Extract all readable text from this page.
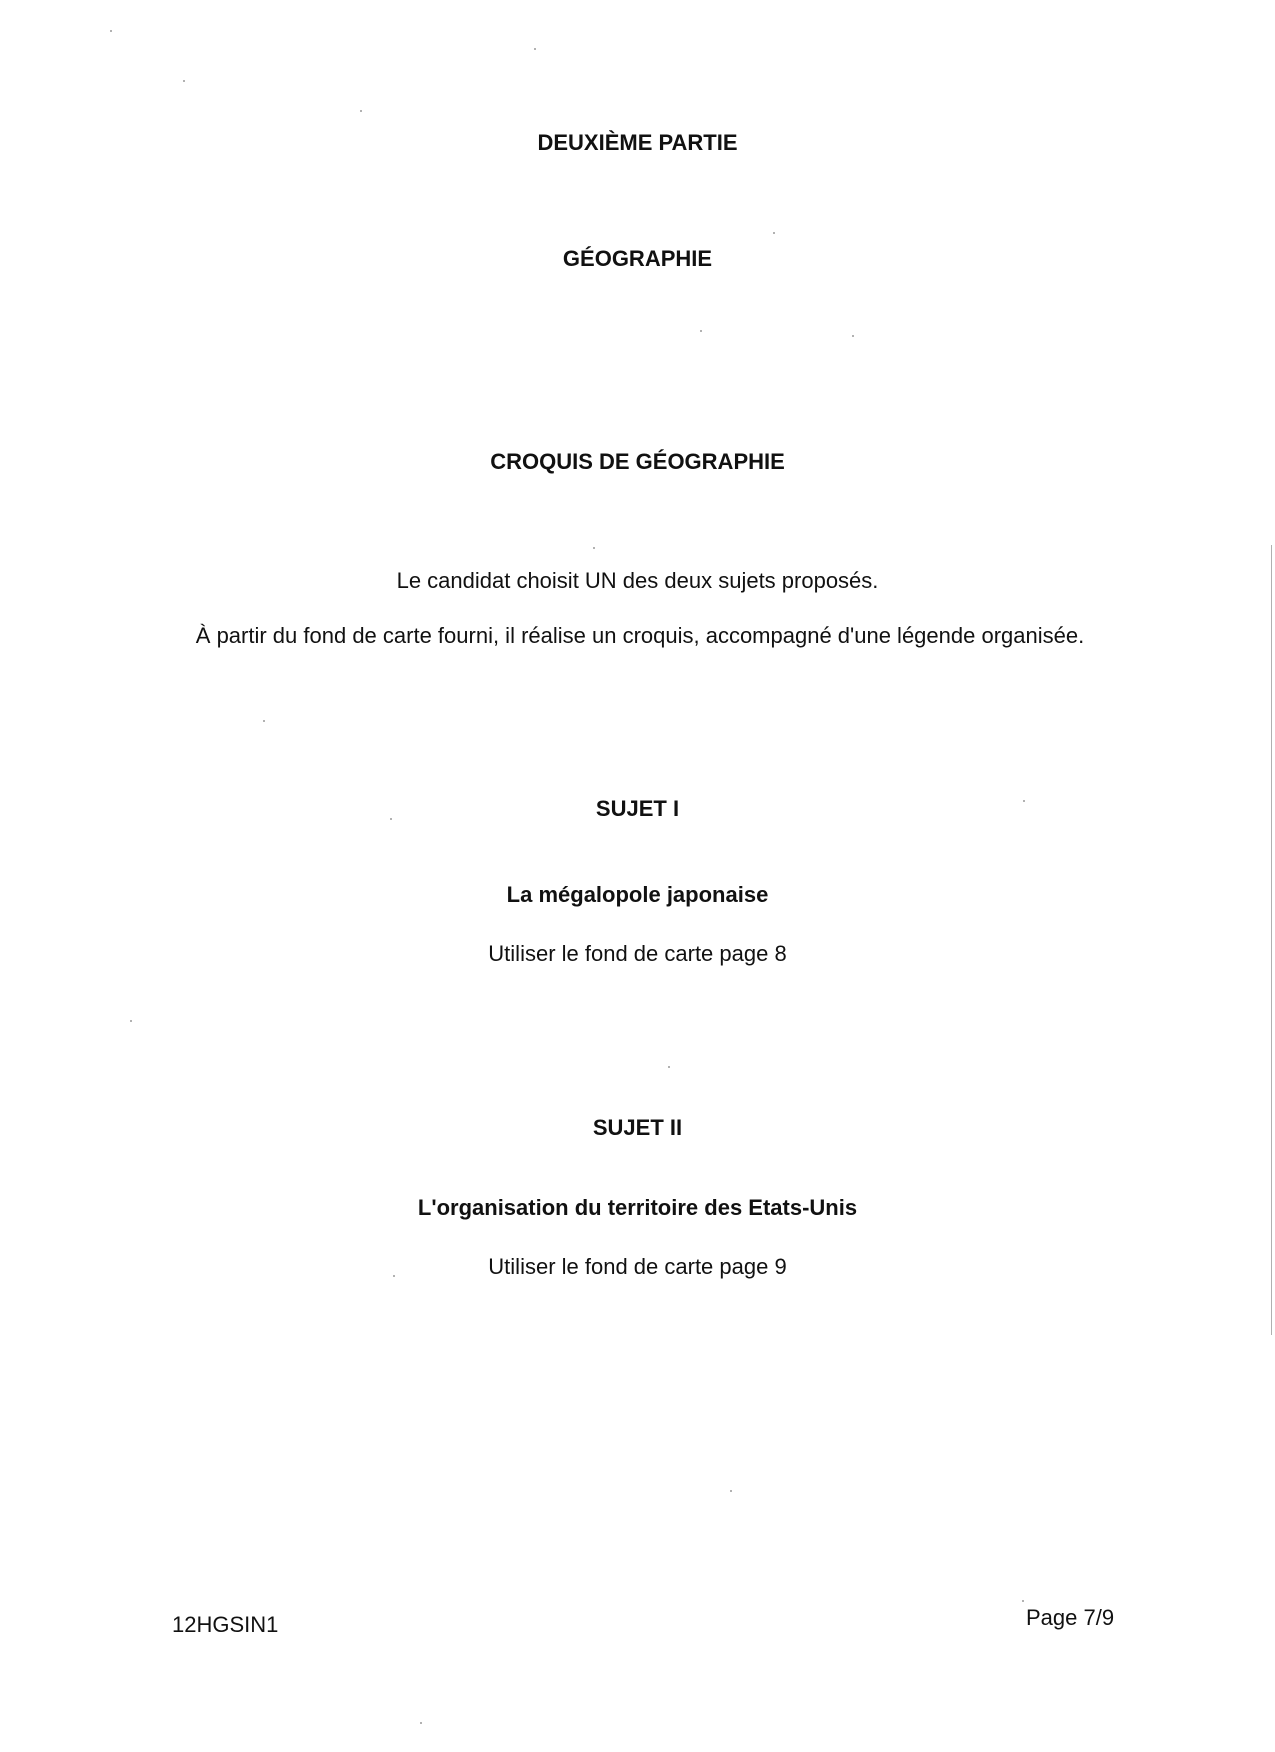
DEUXIÈME PARTIE

GÉOGRAPHIE

CROQUIS DE GÉOGRAPHIE

Le candidat choisit UN des deux sujets proposés.

À partir du fond de carte fourni, il réalise un croquis, accompagné d'une légende organisée.

SUJET I

La mégalopole japonaise

Utiliser le fond de carte page 8

SUJET II

L'organisation du territoire des Etats-Unis

Utiliser le fond de carte page 9

12HGSIN1	Page 7/9
